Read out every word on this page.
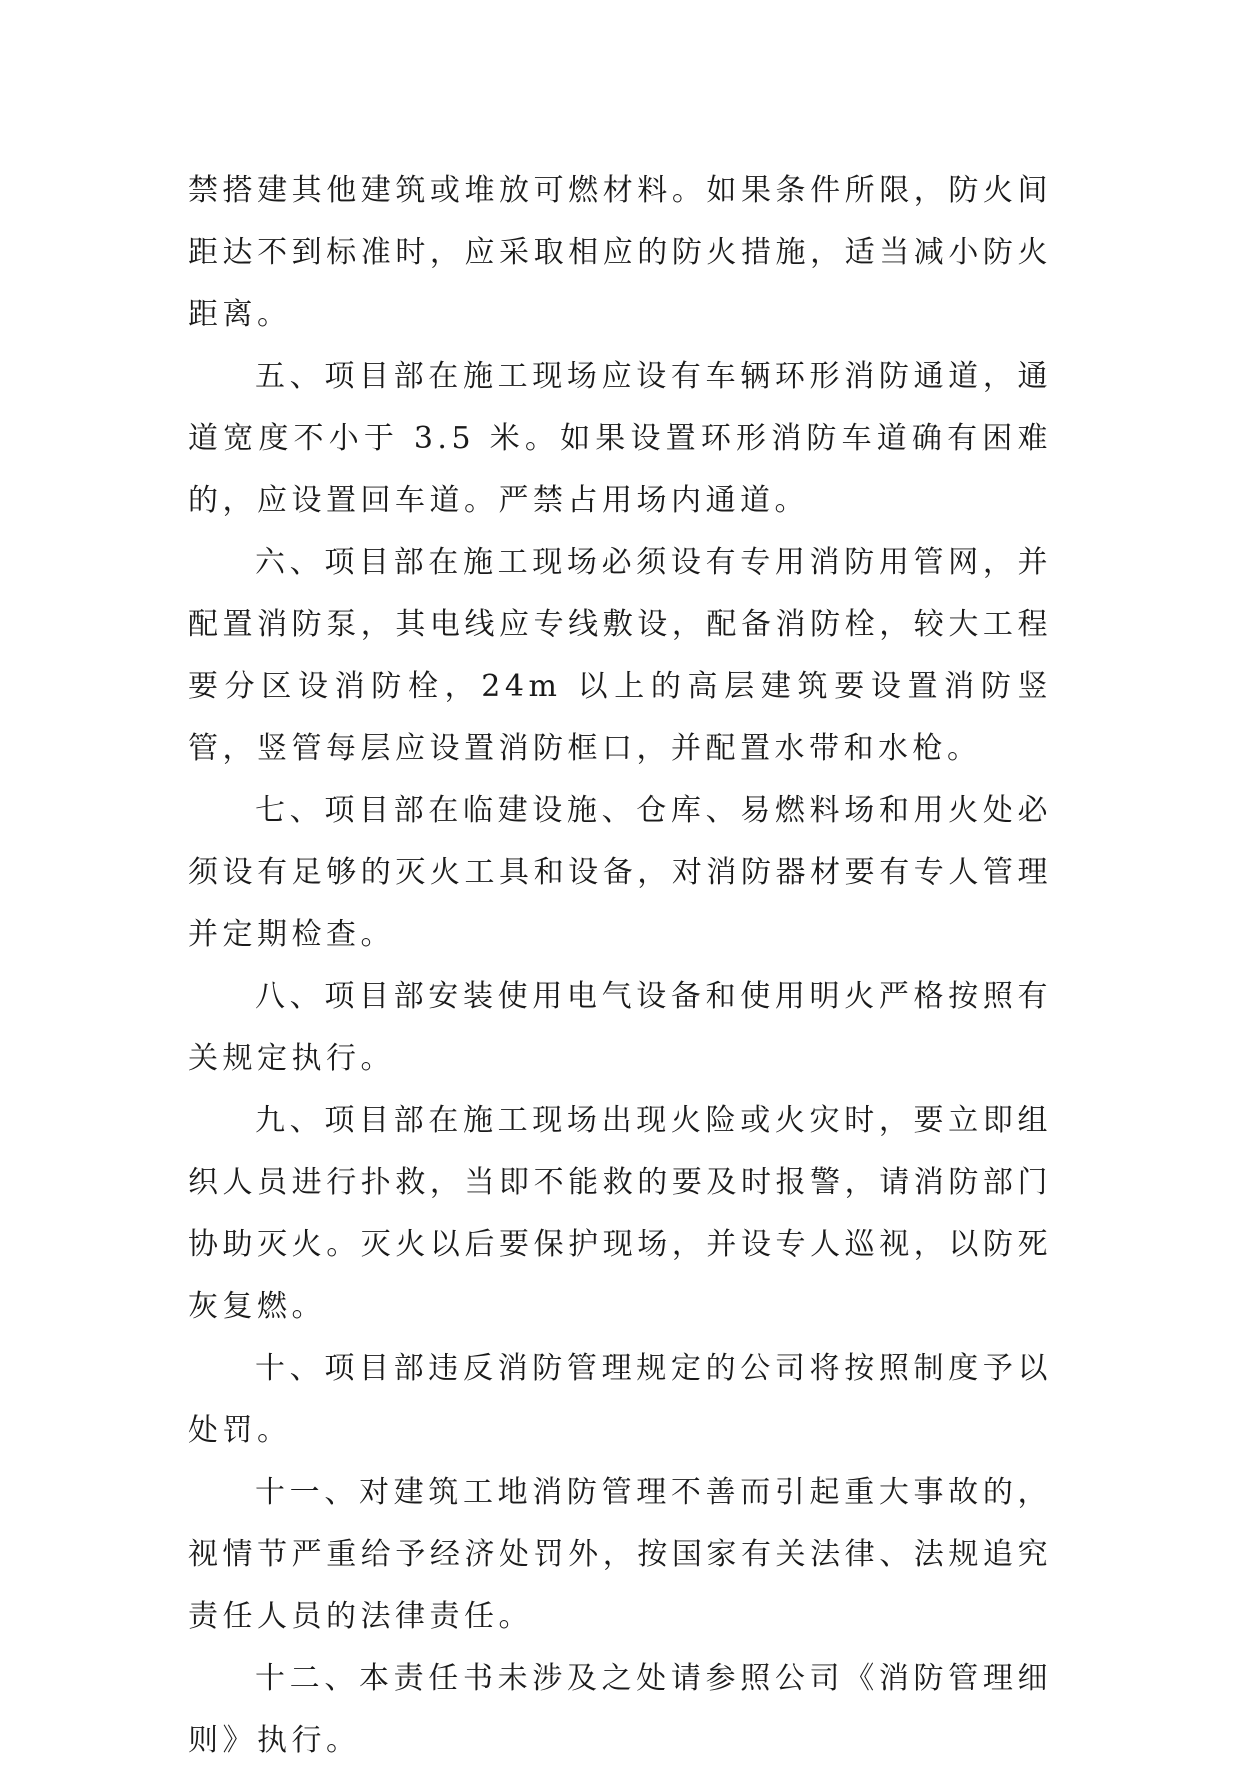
禁搭建其他建筑或堆放可燃材料。如果条件所限，防火间距达不到标准时，应采取相应的防火措施，适当减小防火距离。

五、项目部在施工现场应设有车辆环形消防通道，通道宽度不小于 3.5 米。如果设置环形消防车道确有困难的，应设置回车道。严禁占用场内通道。

六、项目部在施工现场必须设有专用消防用管网，并配置消防泵，其电线应专线敷设，配备消防栓，较大工程要分区设消防栓，24m 以上的高层建筑要设置消防竖管，竖管每层应设置消防框口，并配置水带和水枪。

七、项目部在临建设施、仓库、易燃料场和用火处必须设有足够的灭火工具和设备，对消防器材要有专人管理并定期检查。

八、项目部安装使用电气设备和使用明火严格按照有关规定执行。

九、项目部在施工现场出现火险或火灾时，要立即组织人员进行扑救，当即不能救的要及时报警，请消防部门协助灭火。灭火以后要保护现场，并设专人巡视，以防死灰复燃。

十、项目部违反消防管理规定的公司将按照制度予以处罚。

十一、对建筑工地消防管理不善而引起重大事故的，视情节严重给予经济处罚外，按国家有关法律、法规追究责任人员的法律责任。

十二、本责任书未涉及之处请参照公司《消防管理细则》执行。
